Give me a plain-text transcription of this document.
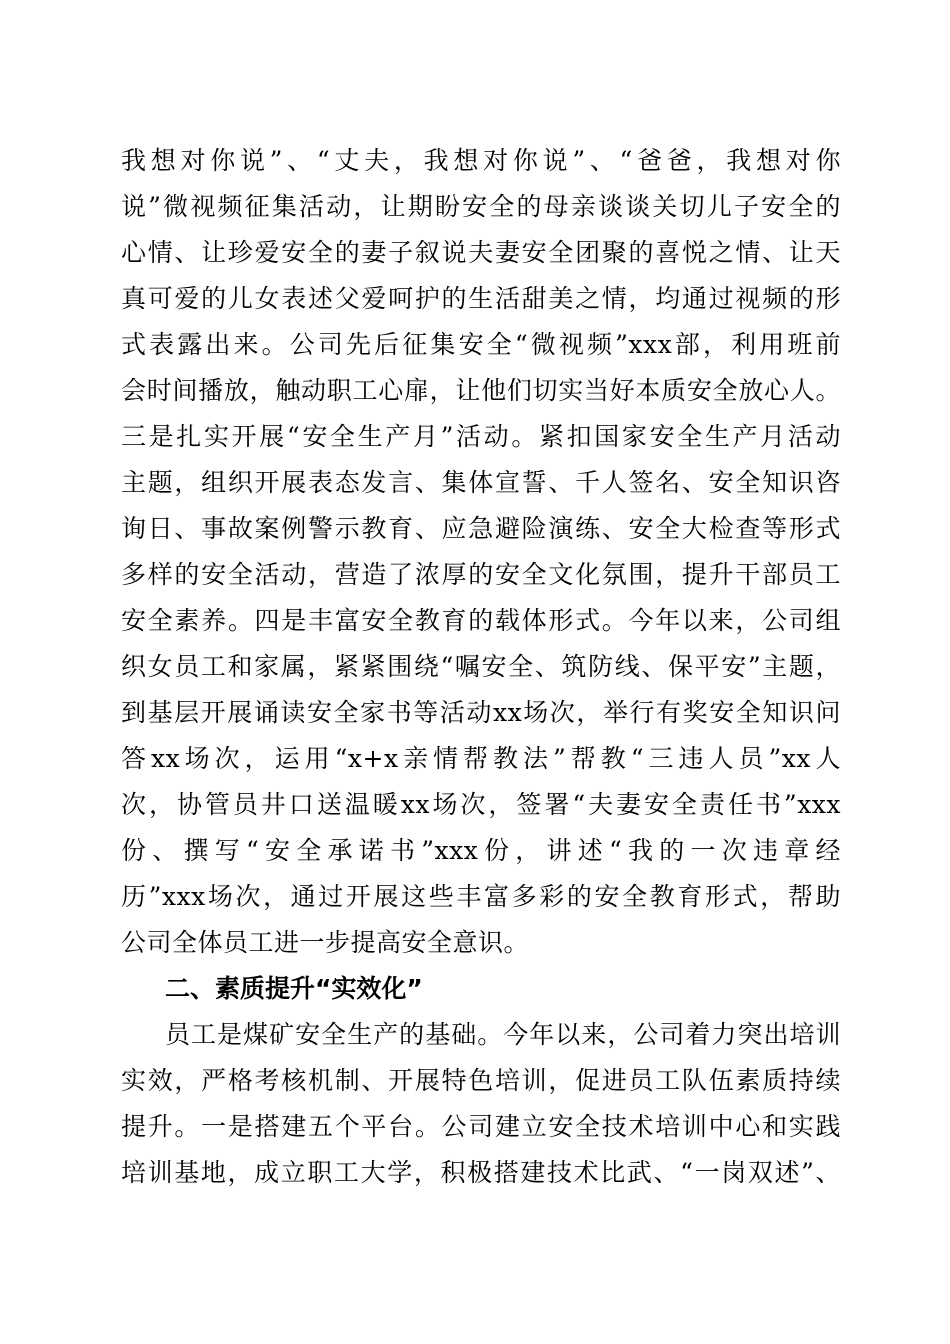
我想对你说”、“丈夫，我想对你说”、“爸爸，我想对你
说”微视频征集活动，让期盼安全的母亲谈谈关切儿子安全的
心情、让珍爱安全的妻子叙说夫妻安全团聚的喜悦之情、让天
真可爱的儿女表述父爱呵护的生活甜美之情，均通过视频的形
式表露出来。公司先后征集安全“微视频”xxx部，利用班前
会时间播放，触动职工心扉，让他们切实当好本质安全放心人。
三是扎实开展“安全生产月”活动。紧扣国家安全生产月活动
主题，组织开展表态发言、集体宣誓、千人签名、安全知识咨
询日、事故案例警示教育、应急避险演练、安全大检查等形式
多样的安全活动，营造了浓厚的安全文化氛围，提升干部员工
安全素养。四是丰富安全教育的载体形式。今年以来，公司组
织女员工和家属，紧紧围绕“嘱安全、筑防线、保平安”主题，
到基层开展诵读安全家书等活动xx场次，举行有奖安全知识问
答xx场次，运用“x+x亲情帮教法”帮教“三违人员”xx人
次，协管员井口送温暖xx场次，签署“夫妻安全责任书”xxx
份、撰写“安全承诺书”xxx份，讲述“我的一次违章经
历”xxx场次，通过开展这些丰富多彩的安全教育形式，帮助
公司全体员工进一步提高安全意识。
二、素质提升“实效化”
员工是煤矿安全生产的基础。今年以来，公司着力突出培训
实效，严格考核机制、开展特色培训，促进员工队伍素质持续
提升。一是搭建五个平台。公司建立安全技术培训中心和实践
培训基地，成立职工大学，积极搭建技术比武、“一岗双述”、
